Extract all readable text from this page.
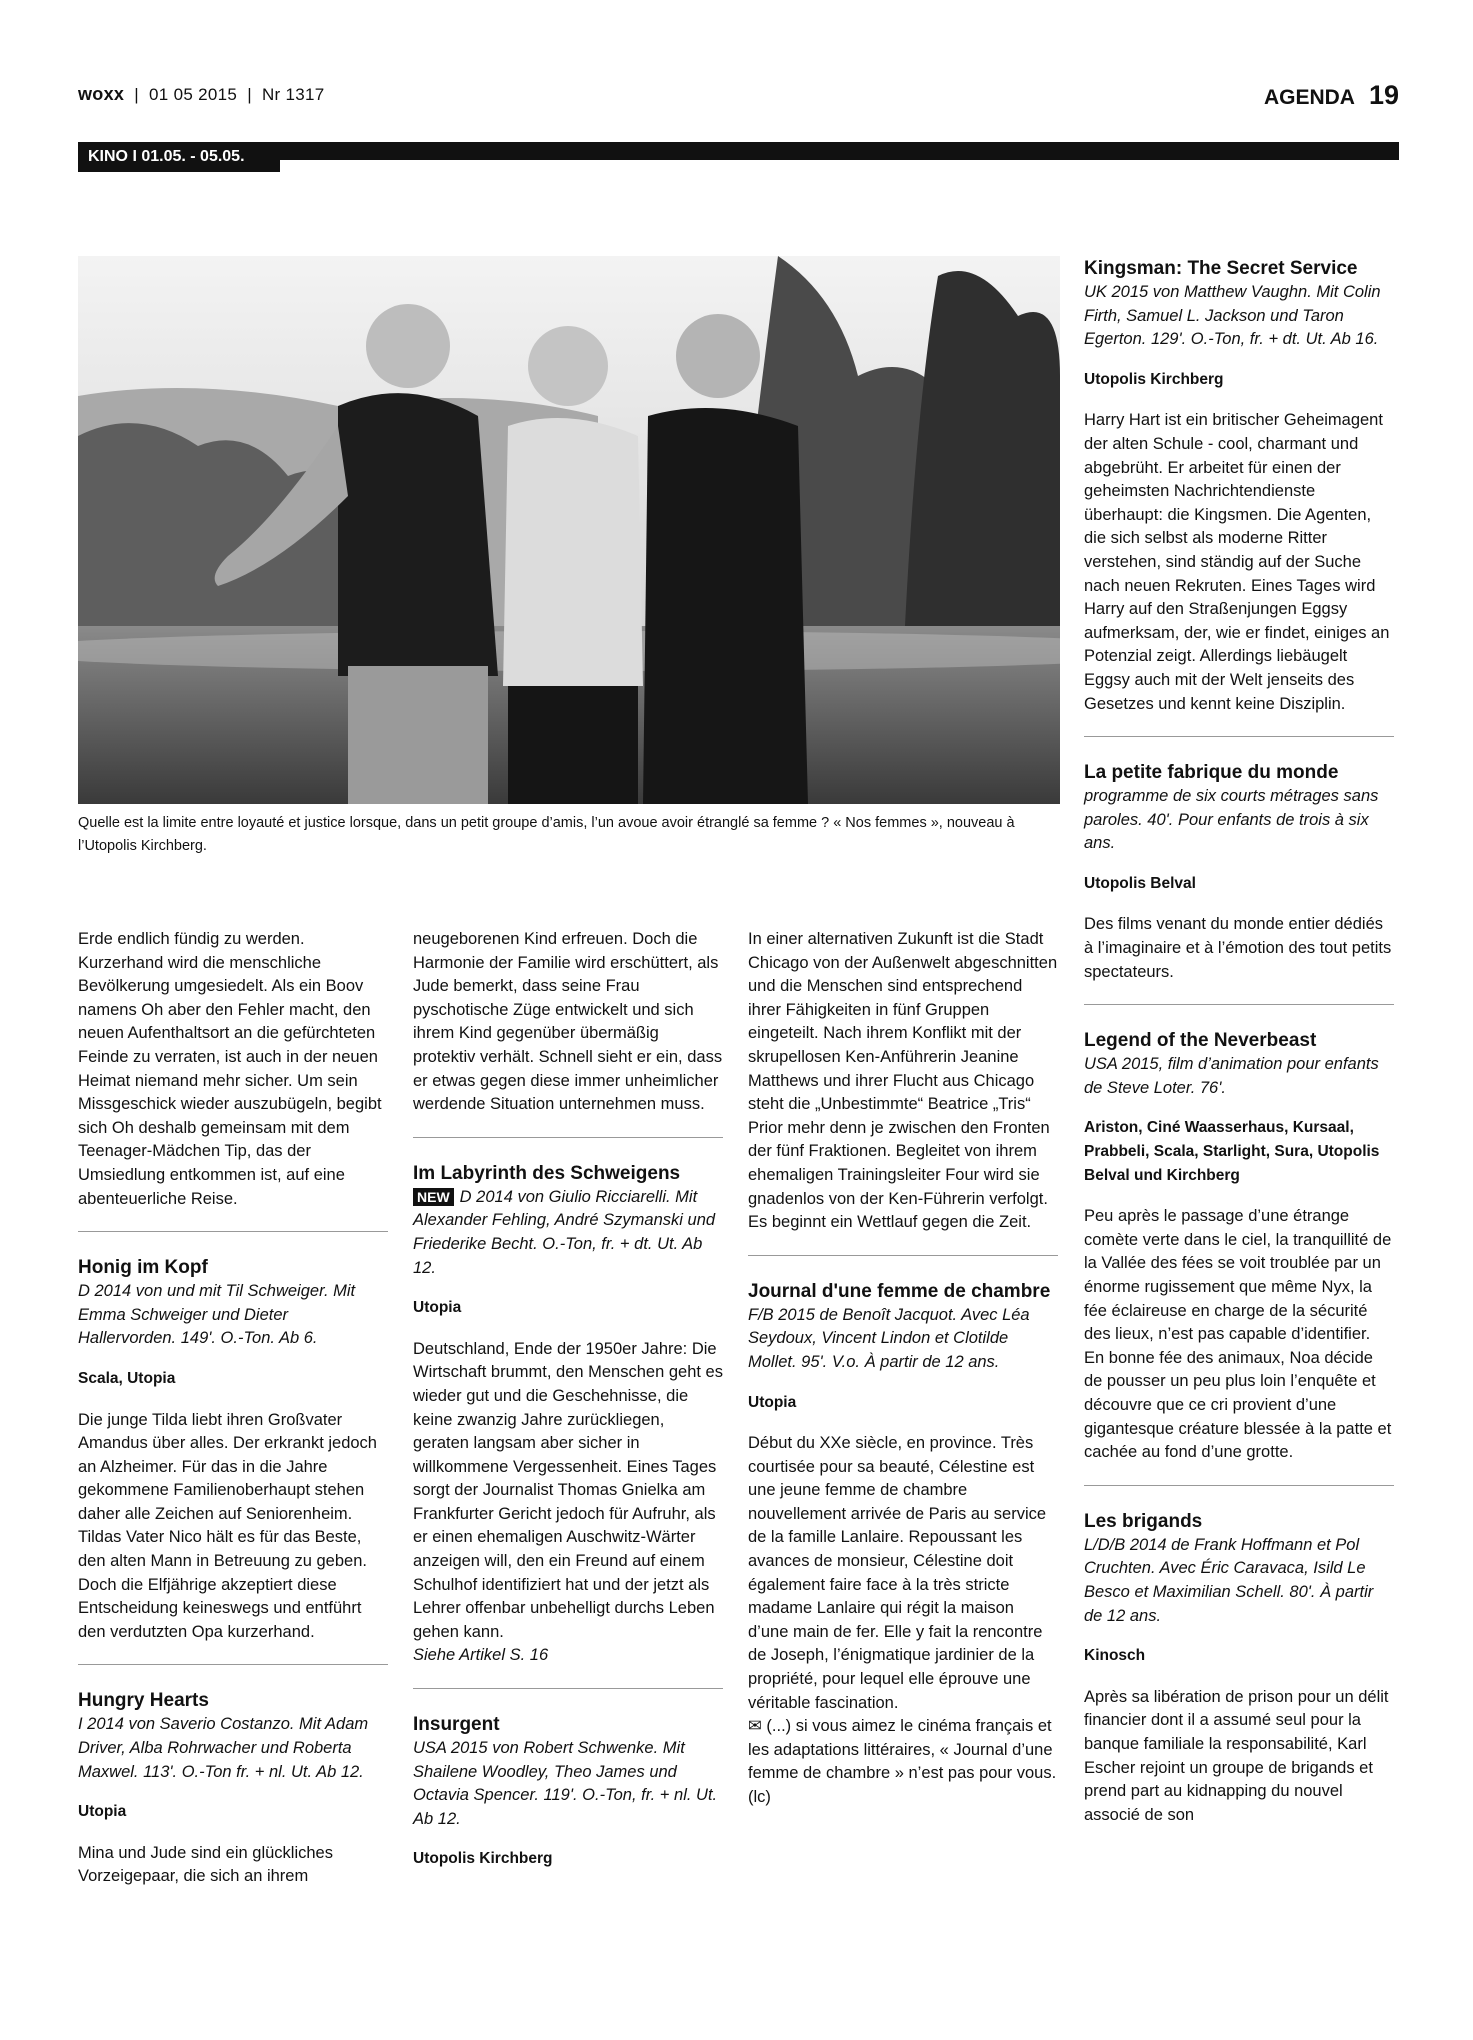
woxx  |  01 05 2015  |  Nr 1317	AGENDA 19
KINO I 01.05. - 05.05.
Quelle est la limite entre loyauté et justice lorsque, dans un petit groupe d’amis, l’un avoue avoir étranglé sa femme ? « Nos femmes », nouveau à l’Utopolis Kirchberg.

Erde endlich fündig zu werden. Kurzerhand wird die menschliche Bevölkerung umgesiedelt. Als ein Boov namens Oh aber den Fehler macht, den neuen Aufenthaltsort an die gefürchteten Feinde zu verraten, ist auch in der neuen Heimat niemand mehr sicher. Um sein Missgeschick wieder auszubügeln, begibt sich Oh deshalb gemeinsam mit dem Teenager-Mädchen Tip, das der Umsiedlung entkommen ist, auf eine abenteuerliche Reise.

Honig im Kopf

D 2014 von und mit Til Schweiger. Mit Emma Schweiger und Dieter Hallervorden. 149'. O.-Ton. Ab 6.

Scala, Utopia

Die junge Tilda liebt ihren Großvater Amandus über alles. Der erkrankt jedoch an Alzheimer. Für das in die Jahre gekommene Familienoberhaupt stehen daher alle Zeichen auf Seniorenheim. Tildas Vater Nico hält es für das Beste, den alten Mann in Betreuung zu geben. Doch die Elfjährige akzeptiert diese Entscheidung keineswegs und entführt den verdutzten Opa kurzerhand.

Hungry Hearts

I 2014 von Saverio Costanzo. Mit Adam Driver, Alba Rohrwacher und Roberta Maxwel. 113'. O.-Ton fr. + nl. Ut. Ab 12.

Utopia

Mina und Jude sind ein glückliches Vorzeigepaar, die sich an ihrem

neugeborenen Kind erfreuen. Doch die Harmonie der Familie wird erschüttert, als Jude bemerkt, dass seine Frau pyschotische Züge entwickelt und sich ihrem Kind gegenüber übermäßig protektiv verhält. Schnell sieht er ein, dass er etwas gegen diese immer unheimlicher werdende Situation unternehmen muss.

Im Labyrinth des Schweigens

NEW D 2014 von Giulio Ricciarelli. Mit Alexander Fehling, André Szymanski und Friederike Becht. O.-Ton, fr. + dt. Ut. Ab 12.

Utopia

Deutschland, Ende der 1950er Jahre: Die Wirtschaft brummt, den Menschen geht es wieder gut und die Geschehnisse, die keine zwanzig Jahre zurückliegen, geraten langsam aber sicher in willkommene Vergessenheit. Eines Tages sorgt der Journalist Thomas Gnielka am Frankfurter Gericht jedoch für Aufruhr, als er einen ehemaligen Auschwitz-Wärter anzeigen will, den ein Freund auf einem Schulhof identifiziert hat und der jetzt als Lehrer offenbar unbehelligt durchs Leben gehen kann.

Siehe Artikel S. 16

Insurgent

USA 2015 von Robert Schwenke. Mit Shailene Woodley, Theo James und Octavia Spencer. 119'. O.-Ton, fr. + nl. Ut. Ab 12.

Utopolis Kirchberg

In einer alternativen Zukunft ist die Stadt Chicago von der Außenwelt abgeschnitten und die Menschen sind entsprechend ihrer Fähigkeiten in fünf Gruppen eingeteilt. Nach ihrem Konflikt mit der skrupellosen Ken-Anführerin Jeanine Matthews und ihrer Flucht aus Chicago steht die „Unbestimmte“ Beatrice „Tris“ Prior mehr denn je zwischen den Fronten der fünf Fraktionen. Begleitet von ihrem ehemaligen Trainingsleiter Four wird sie gnadenlos von der Ken-Führerin verfolgt. Es beginnt ein Wettlauf gegen die Zeit.

Journal d'une femme de chambre

F/B 2015 de Benoît Jacquot. Avec Léa Seydoux, Vincent Lindon et Clotilde Mollet. 95'. V.o. À partir de 12 ans.

Utopia

Début du XXe siècle, en province. Très courtisée pour sa beauté, Célestine est une jeune femme de chambre nouvellement arrivée de Paris au service de la famille Lanlaire. Repoussant les avances de monsieur, Célestine doit également faire face à la très stricte madame Lanlaire qui régit la maison d’une main de fer. Elle y fait la rencontre de Joseph, l’énigmatique jardinier de la propriété, pour lequel elle éprouve une véritable fascination.

✉ (...) si vous aimez le cinéma français et les adaptations littéraires, « Journal d’une femme de chambre » n’est pas pour vous. (lc)

Kingsman: The Secret Service

UK 2015 von Matthew Vaughn. Mit Colin Firth, Samuel L. Jackson und Taron Egerton. 129'. O.-Ton, fr. + dt. Ut. Ab 16.

Utopolis Kirchberg

Harry Hart ist ein britischer Geheimagent der alten Schule - cool, charmant und abgebrüht. Er arbeitet für einen der geheimsten Nachrichtendienste überhaupt: die Kingsmen. Die Agenten, die sich selbst als moderne Ritter verstehen, sind ständig auf der Suche nach neuen Rekruten. Eines Tages wird Harry auf den Straßenjungen Eggsy aufmerksam, der, wie er findet, einiges an Potenzial zeigt. Allerdings liebäugelt Eggsy auch mit der Welt jenseits des Gesetzes und kennt keine Disziplin.

La petite fabrique du monde

programme de six courts métrages sans paroles. 40'. Pour enfants de trois à six ans.

Utopolis Belval

Des films venant du monde entier dédiés à l’imaginaire et à l’émotion des tout petits spectateurs.

Legend of the Neverbeast

USA 2015, film d’animation pour enfants de Steve Loter. 76'.

Ariston, Ciné Waasserhaus, Kursaal, Prabbeli, Scala, Starlight, Sura, Utopolis Belval und Kirchberg

Peu après le passage d’une étrange comète verte dans le ciel, la tranquillité de la Vallée des fées se voit troublée par un énorme rugissement que même Nyx, la fée éclaireuse en charge de la sécurité des lieux, n’est pas capable d’identifier. En bonne fée des animaux, Noa décide de pousser un peu plus loin l’enquête et découvre que ce cri provient d’une gigantesque créature blessée à la patte et cachée au fond d’une grotte.

Les brigands

L/D/B 2014 de Frank Hoffmann et Pol Cruchten. Avec Éric Caravaca, Isild Le Besco et Maximilian Schell. 80'. À partir de 12 ans.

Kinosch

Après sa libération de prison pour un délit financier dont il a assumé seul pour la banque familiale la responsabilité, Karl Escher rejoint un groupe de brigands et prend part au kidnapping du nouvel associé de son
